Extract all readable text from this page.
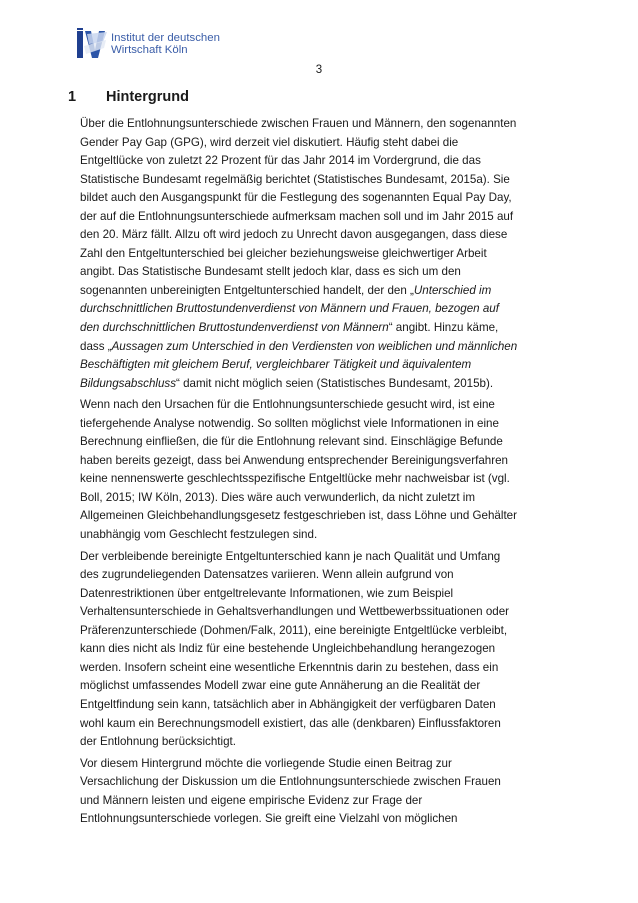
Institut der deutschen
Wirtschaft Köln
3
1	Hintergrund

Über die Entlohnungsunterschiede zwischen Frauen und Männern, den sogenannten
Gender Pay Gap (GPG), wird derzeit viel diskutiert. Häufig steht dabei die
Entgeltlücke von zuletzt 22 Prozent für das Jahr 2014 im Vordergrund, die das
Statistische Bundesamt regelmäßig berichtet (Statistisches Bundesamt, 2015a). Sie
bildet auch den Ausgangspunkt für die Festlegung des sogenannten Equal Pay Day,
der auf die Entlohnungsunterschiede aufmerksam machen soll und im Jahr 2015 auf
den 20. März fällt. Allzu oft wird jedoch zu Unrecht davon ausgegangen, dass diese
Zahl den Entgeltunterschied bei gleicher beziehungsweise gleichwertiger Arbeit
angibt. Das Statistische Bundesamt stellt jedoch klar, dass es sich um den
sogenannten unbereinigten Entgeltunterschied handelt, der den „Unterschied im
durchschnittlichen Bruttostundenverdienst von Männern und Frauen, bezogen auf
den durchschnittlichen Bruttostundenverdienst von Männern“ angibt. Hinzu käme,
dass „Aussagen zum Unterschied in den Verdiensten von weiblichen und männlichen
Beschäftigten mit gleichem Beruf, vergleichbarer Tätigkeit und äquivalentem
Bildungsabschluss“ damit nicht möglich seien (Statistisches Bundesamt, 2015b).

Wenn nach den Ursachen für die Entlohnungsunterschiede gesucht wird, ist eine
tiefergehende Analyse notwendig. So sollten möglichst viele Informationen in eine
Berechnung einfließen, die für die Entlohnung relevant sind. Einschlägige Befunde
haben bereits gezeigt, dass bei Anwendung entsprechender Bereinigungsverfahren
keine nennenswerte geschlechtsspezifische Entgeltlücke mehr nachweisbar ist (vgl.
Boll, 2015; IW Köln, 2013). Dies wäre auch verwunderlich, da nicht zuletzt im
Allgemeinen Gleichbehandlungsgesetz festgeschrieben ist, dass Löhne und Gehälter
unabhängig vom Geschlecht festzulegen sind.

Der verbleibende bereinigte Entgeltunterschied kann je nach Qualität und Umfang
des zugrundeliegenden Datensatzes variieren. Wenn allein aufgrund von
Datenrestriktionen über entgeltrelevante Informationen, wie zum Beispiel
Verhaltensunterschiede in Gehaltsverhandlungen und Wettbewerbssituationen oder
Präferenzunterschiede (Dohmen/Falk, 2011), eine bereinigte Entgeltlücke verbleibt,
kann dies nicht als Indiz für eine bestehende Ungleichbehandlung herangezogen
werden. Insofern scheint eine wesentliche Erkenntnis darin zu bestehen, dass ein
möglichst umfassendes Modell zwar eine gute Annäherung an die Realität der
Entgeltfindung sein kann, tatsächlich aber in Abhängigkeit der verfügbaren Daten
wohl kaum ein Berechnungsmodell existiert, das alle (denkbaren) Einflussfaktoren
der Entlohnung berücksichtigt.

Vor diesem Hintergrund möchte die vorliegende Studie einen Beitrag zur
Versachlichung der Diskussion um die Entlohnungsunterschiede zwischen Frauen
und Männern leisten und eigene empirische Evidenz zur Frage der
Entlohnungsunterschiede vorlegen. Sie greift eine Vielzahl von möglichen
